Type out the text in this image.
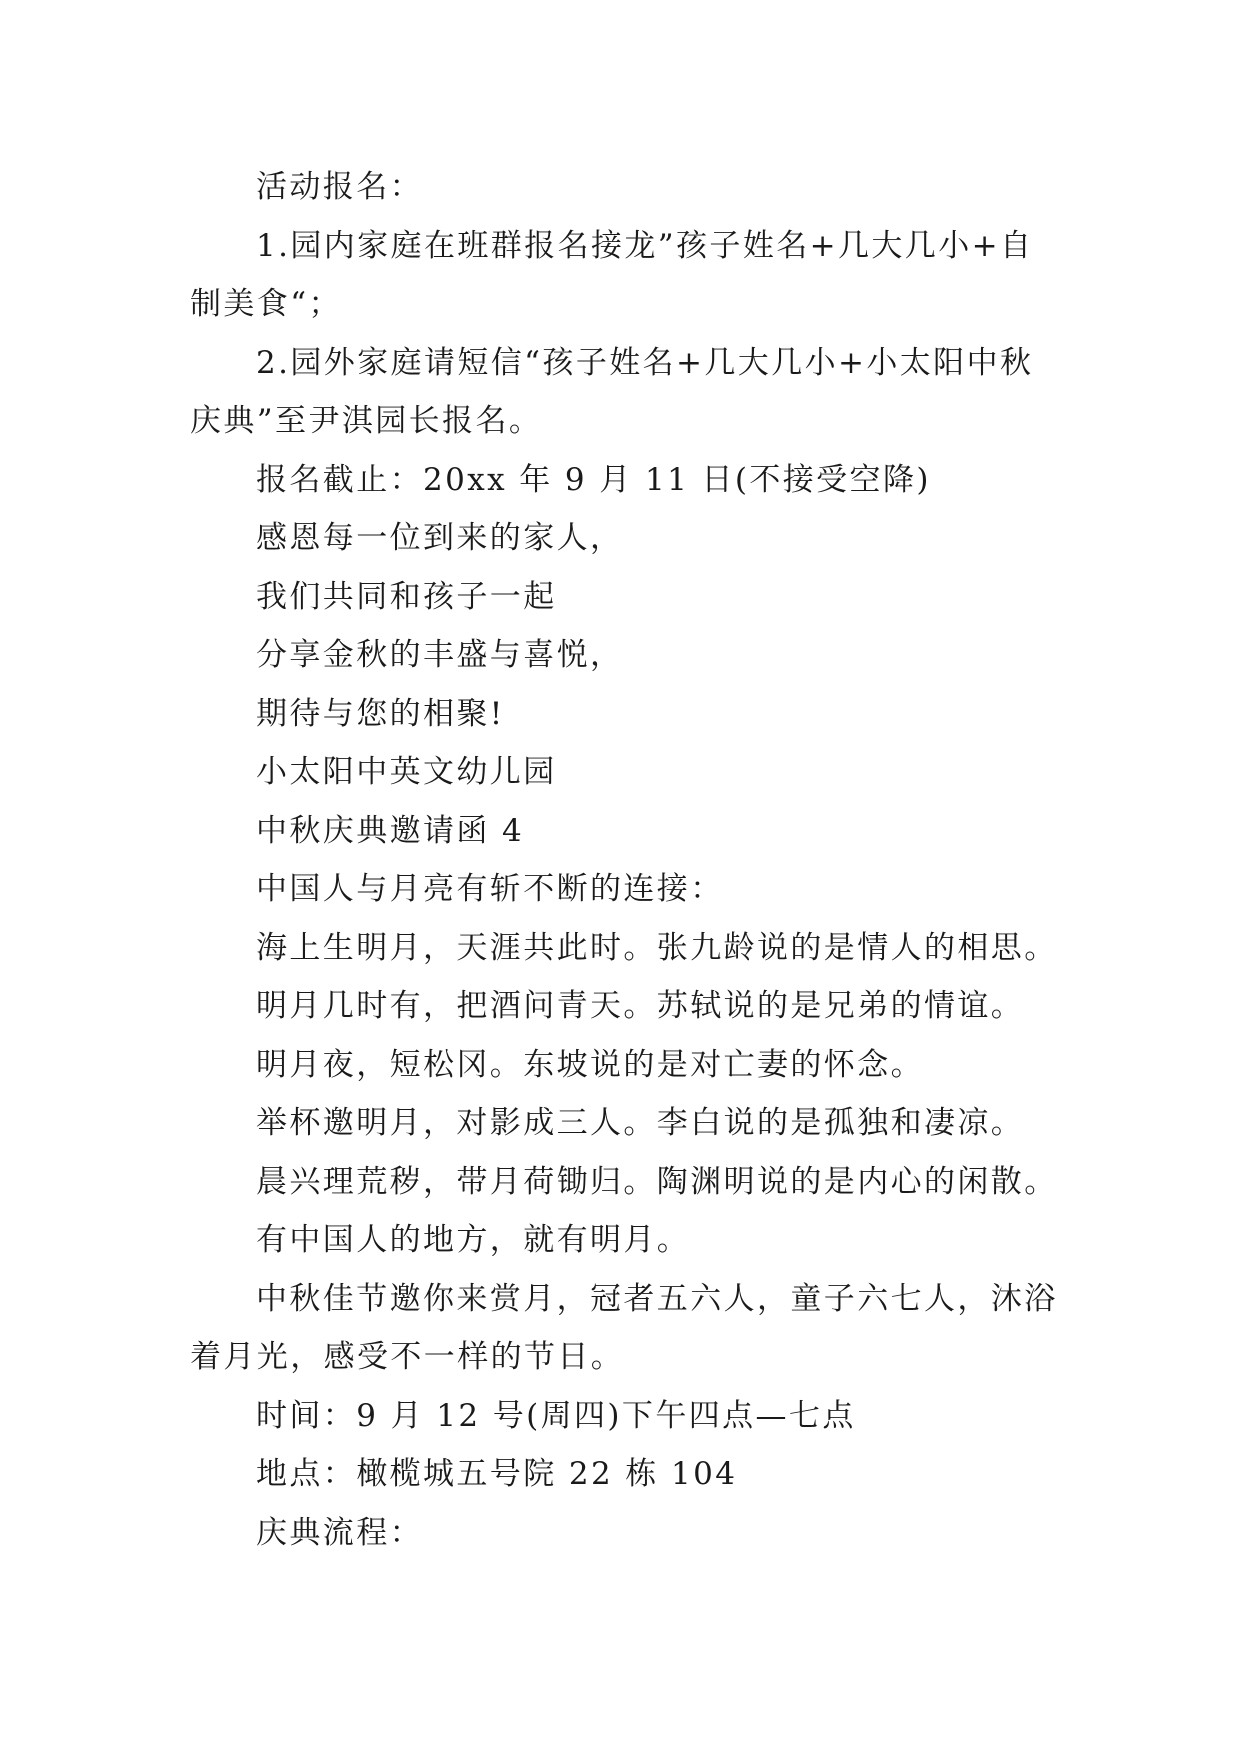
活动报名：

1.园内家庭在班群报名接龙”孩子姓名+几大几小+自制美食“；

2.园外家庭请短信“孩子姓名+几大几小+小太阳中秋庆典”至尹淇园长报名。

报名截止：20xx 年 9 月 11 日(不接受空降)

感恩每一位到来的家人，

我们共同和孩子一起

分享金秋的丰盛与喜悦，

期待与您的相聚!

小太阳中英文幼儿园

中秋庆典邀请函 4

中国人与月亮有斩不断的连接：

海上生明月，天涯共此时。张九龄说的是情人的相思。

明月几时有，把酒问青天。苏轼说的是兄弟的情谊。

明月夜，短松冈。东坡说的是对亡妻的怀念。

举杯邀明月，对影成三人。李白说的是孤独和凄凉。

晨兴理荒秽，带月荷锄归。陶渊明说的是内心的闲散。

有中国人的地方，就有明月。

中秋佳节邀你来赏月，冠者五六人，童子六七人，沐浴着月光，感受不一样的节日。

时间：9 月 12 号(周四)下午四点—七点

地点：橄榄城五号院 22 栋 104

庆典流程：
